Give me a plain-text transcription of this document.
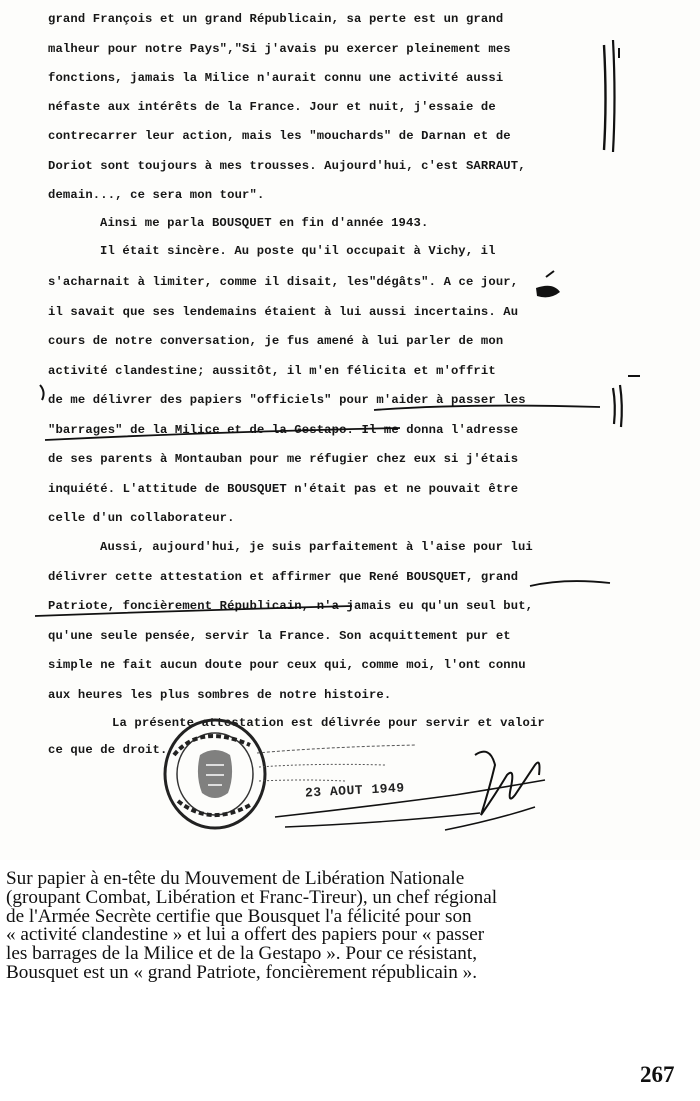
grand François et un grand Républicain, sa perte est un grand
malheur pour notre Pays","Si j'avais pu exercer pleinement mes
fonctions, jamais la Milice n'aurait connu une activité aussi
néfaste aux intérêts de la France. Jour et nuit, j'essaie de
contrecarrer leur action, mais les "mouchards" de Darnan et de
Doriot sont toujours à mes trousses. Aujourd'hui, c'est SARRAUT,
demain..., ce sera mon tour".
Ainsi me parla BOUSQUET en fin d'année 1943.
Il était sincère. Au poste qu'il occupait à Vichy, il
s'acharnait à limiter, comme il disait, les"dégâts". A ce jour,
il savait que ses lendemains étaient à lui aussi incertains. Au
cours de notre conversation, je fus amené à lui parler de mon
activité clandestine; aussitôt, il m'en félicita et m'offrit
de me délivrer des papiers "officiels" pour m'aider à passer les
"barrages" de la Milice et de la Gestapo. Il me donna l'adresse
de ses parents à Montauban pour me réfugier chez eux si j'étais
inquiété. L'attitude de BOUSQUET n'était pas et ne pouvait être
celle d'un collaborateur.
Aussi, aujourd'hui, je suis parfaitement à l'aise pour lui
délivrer cette attestation et affirmer que René BOUSQUET, grand
Patriote, foncièrement Républicain, n'a jamais eu qu'un seul but,
qu'une seule pensée, servir la France. Son acquittement pur et
simple ne fait aucun doute pour ceux qui, comme moi, l'ont connu
aux heures les plus sombres de notre histoire.
La présente attestation est délivrée pour servir et valoir
ce que de droit.
23 AOUT 1949
Sur papier à en-tête du Mouvement de Libération Nationale
(groupant Combat, Libération et Franc-Tireur), un chef régional
de l'Armée Secrète certifie que Bousquet l'a félicité pour son
« activité clandestine » et lui a offert des papiers pour « passer
les barrages de la Milice et de la Gestapo ». Pour ce résistant,
Bousquet est un « grand Patriote, foncièrement républicain ».
267
